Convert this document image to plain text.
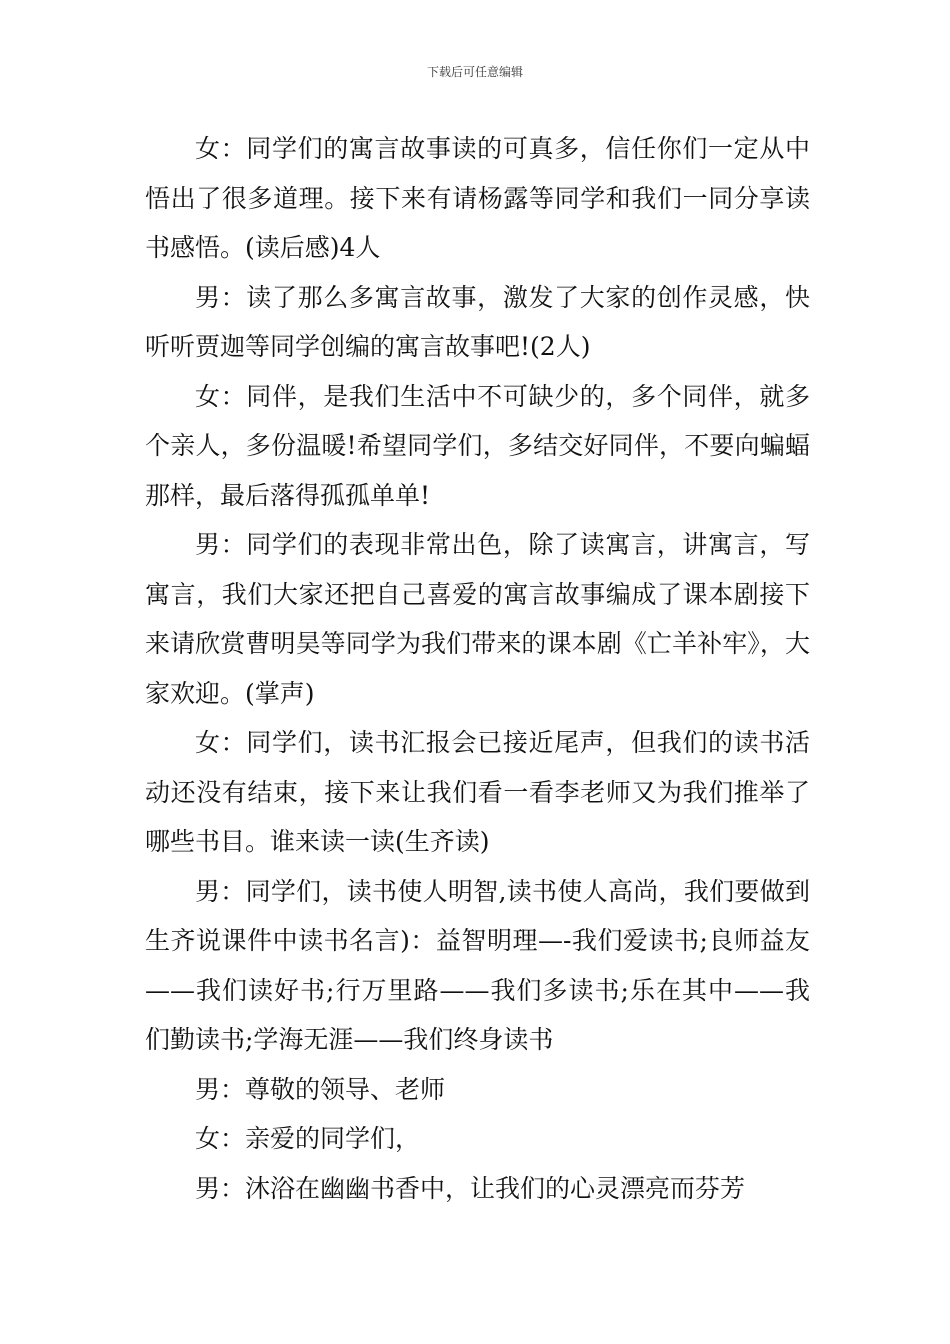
下载后可任意编辑

女：同学们的寓言故事读的可真多，信任你们一定从中悟出了很多道理。接下来有请杨露等同学和我们一同分享读书感悟。(读后感)4人

男：读了那么多寓言故事，激发了大家的创作灵感，快听听贾迦等同学创编的寓言故事吧!(2人)

女：同伴，是我们生活中不可缺少的，多个同伴，就多个亲人，多份温暖!希望同学们，多结交好同伴，不要向蝙蝠那样，最后落得孤孤单单!

男：同学们的表现非常出色，除了读寓言，讲寓言，写寓言，我们大家还把自己喜爱的寓言故事编成了课本剧接下来请欣赏曹明昊等同学为我们带来的课本剧《亡羊补牢》，大家欢迎。(掌声)

女：同学们，读书汇报会已接近尾声，但我们的读书活动还没有结束，接下来让我们看一看李老师又为我们推举了哪些书目。谁来读一读(生齐读)

男：同学们，读书使人明智,读书使人高尚，我们要做到生齐说课件中读书名言)：益智明理—-我们爱读书;良师益友——我们读好书;行万里路——我们多读书;乐在其中——我们勤读书;学海无涯——我们终身读书

男：尊敬的领导、老师

女：亲爱的同学们，

男：沐浴在幽幽书香中，让我们的心灵漂亮而芬芳
